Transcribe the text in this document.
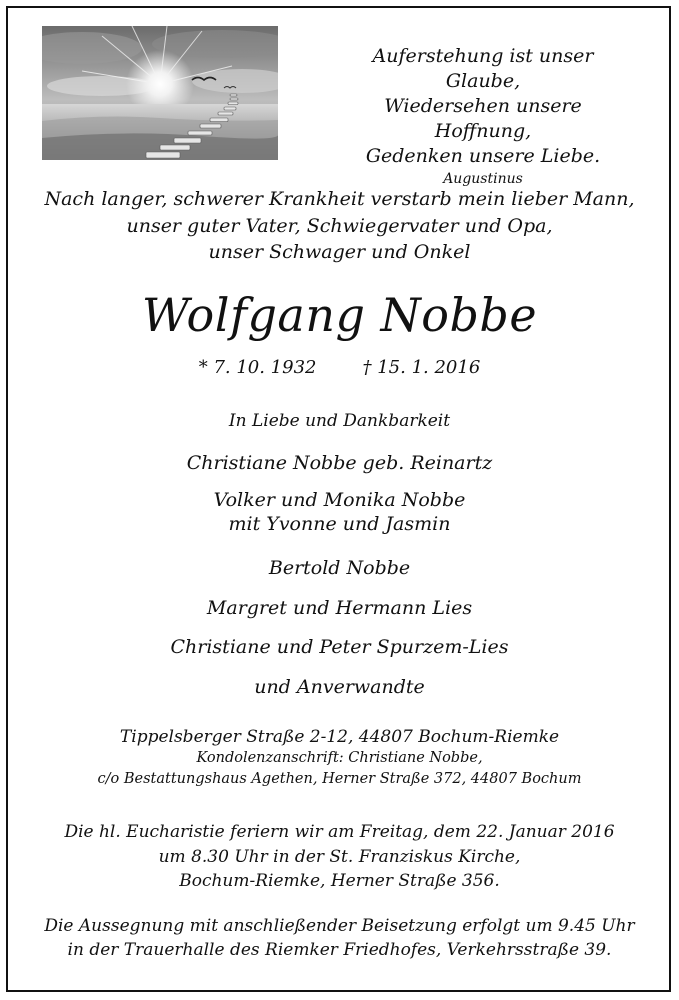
Auferstehung ist unser Glaube,
Wiedersehen unsere Hoffnung,
Gedenken unsere Liebe.
Augustinus
Nach langer, schwerer Krankheit verstarb mein lieber Mann,
unser guter Vater, Schwiegervater und Opa,
unser Schwager und Onkel
Wolfgang Nobbe
* 7. 10. 1932	† 15. 1. 2016
In Liebe und Dankbarkeit
Christiane Nobbe geb. Reinartz
Volker und Monika Nobbe
mit Yvonne und Jasmin
Bertold Nobbe
Margret und Hermann Lies
Christiane und Peter Spurzem-Lies
und Anverwandte
Tippelsberger Straße 2-12, 44807 Bochum-Riemke
Kondolenzanschrift: Christiane Nobbe,
c/o Bestattungshaus Agethen, Herner Straße 372, 44807 Bochum
Die hl. Eucharistie feriern wir am Freitag, dem 22. Januar 2016
um 8.30 Uhr in der St. Franziskus Kirche,
Bochum-Riemke, Herner Straße 356.
Die Aussegnung mit anschließender Beisetzung erfolgt um 9.45 Uhr
in der Trauerhalle des Riemker Friedhofes, Verkehrsstraße 39.
